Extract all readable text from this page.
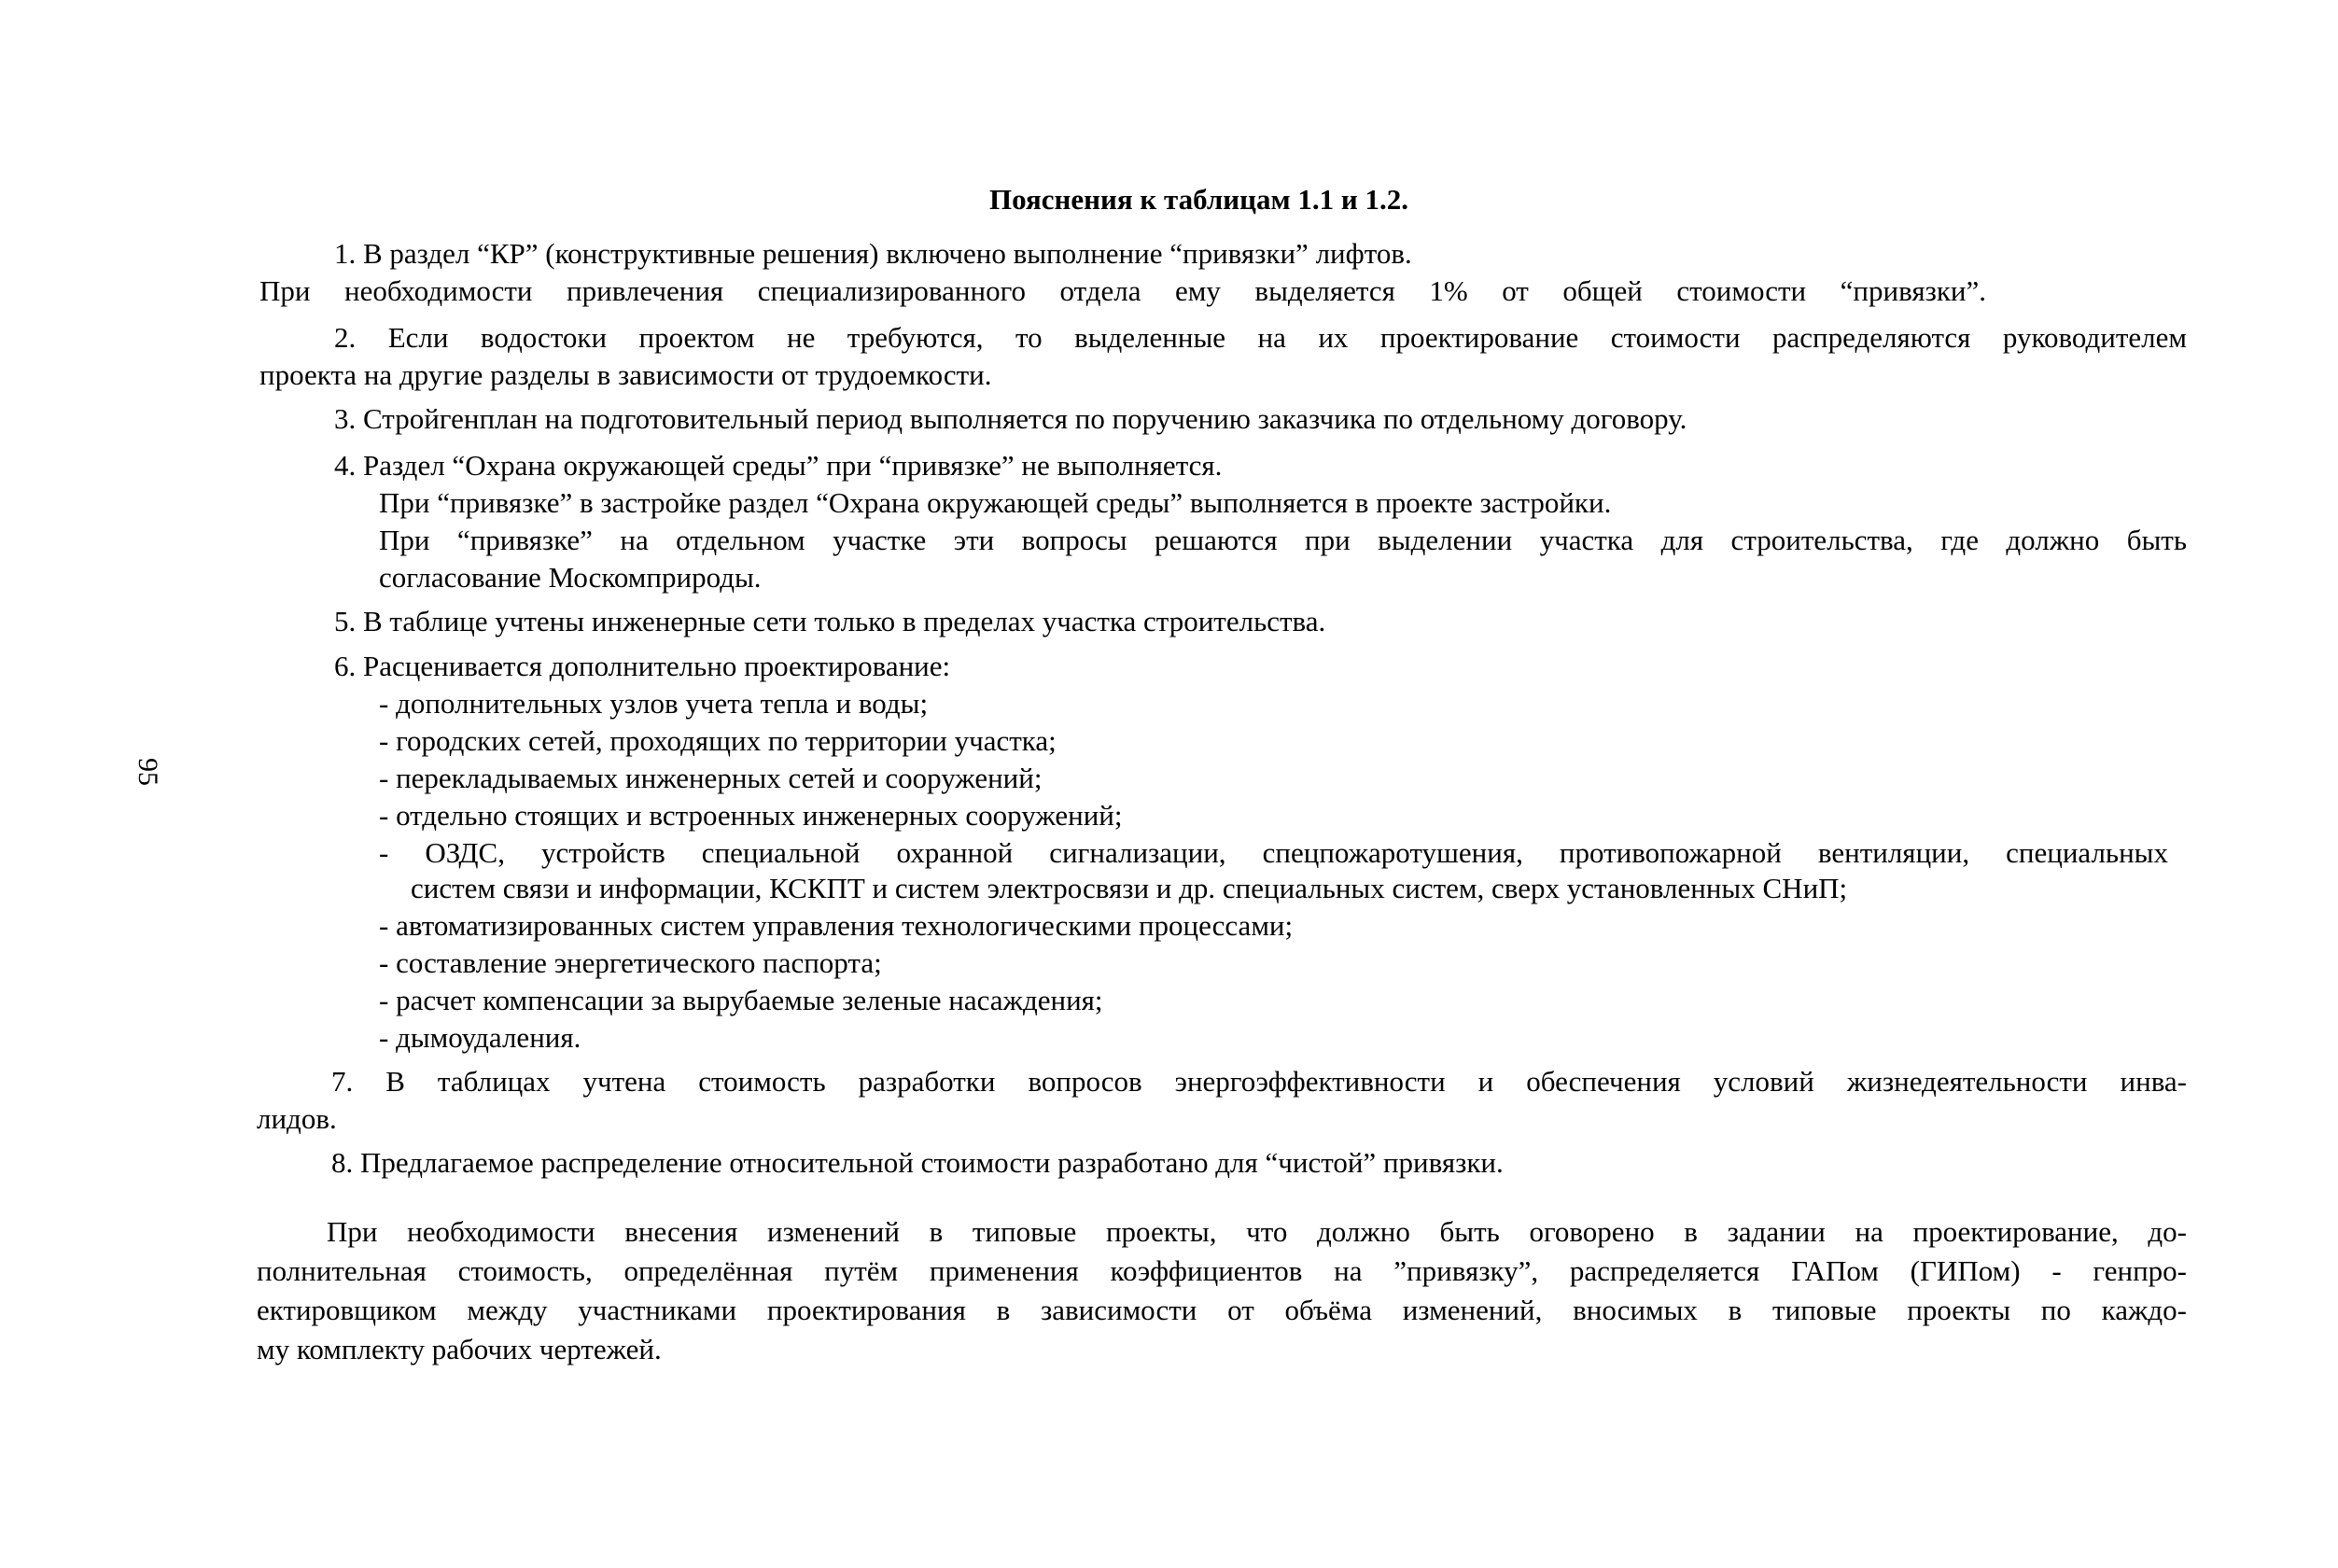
95
Пояснения к таблицам 1.1 и 1.2.
1. В раздел “КР” (конструктивные решения) включено выполнение “привязки” лифтов.
При необходимости привлечения специализированного отдела ему выделяется 1% от общей стоимости “привязки”.
2. Если водостоки проектом не требуются, то выделенные на их проектирование стоимости распределяются руководителем
проекта на другие разделы в зависимости от трудоемкости.
3. Стройгенплан на подготовительный период выполняется по поручению заказчика по отдельному договору.
4. Раздел “Охрана окружающей среды” при “привязке” не выполняется.
При “привязке” в застройке раздел “Охрана окружающей среды” выполняется в проекте застройки.
При “привязке” на отдельном участке эти вопросы решаются при выделении участка для строительства, где должно быть
согласование Москомприроды.
5. В таблице учтены инженерные сети только в пределах участка строительства.
6. Расценивается дополнительно проектирование:
- дополнительных узлов учета тепла и воды;
- городских сетей, проходящих по территории участка;
- перекладываемых инженерных сетей и сооружений;
- отдельно стоящих и встроенных инженерных сооружений;
- ОЗДС, устройств специальной охранной сигнализации, спецпожаротушения, противопожарной вентиляции, специальных
систем связи и информации, КСКПТ и систем электросвязи и др. специальных систем, сверх установленных СНиП;
- автоматизированных систем управления технологическими процессами;
- составление энергетического паспорта;
- расчет компенсации за вырубаемые зеленые насаждения;
- дымоудаления.
7. В таблицах учтена стоимость разработки вопросов энергоэффективности и обеспечения условий жизнедеятельности инва-
лидов.
8. Предлагаемое распределение относительной стоимости разработано для “чистой” привязки.
При необходимости внесения изменений в типовые проекты, что должно быть оговорено в задании на проектирование, до-
полнительная стоимость, определённая путём применения коэффициентов на ”привязку”, распределяется ГАПом (ГИПом) - генпро-
ектировщиком между участниками проектирования в зависимости от объёма изменений, вносимых в типовые проекты по каждо-
му комплекту рабочих чертежей.
